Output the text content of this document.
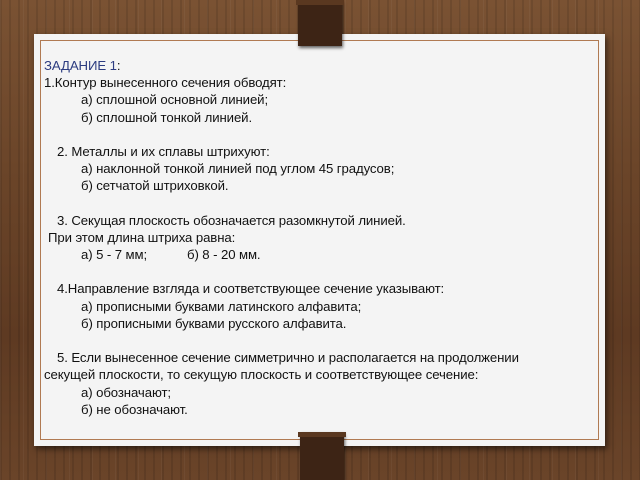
ЗАДАНИЕ 1:
1.Контур вынесенного сечения обводят:
а) сплошной основной линией;
б) сплошной тонкой линией.
2. Металлы и их сплавы штрихуют:
а) наклонной тонкой линией под углом 45 градусов;
б) сетчатой штриховкой.
3. Секущая плоскость обозначается разомкнутой линией.
При этом длина штриха равна:
а) 5 - 7 мм;	б) 8 - 20 мм.
4.Направление взгляда и соответствующее сечение указывают:
а) прописными буквами латинского алфавита;
б) прописными буквами русского алфавита.
5. Если вынесенное сечение симметрично и располагается на продолжении
секущей плоскости, то секущую плоскость и соответствующее сечение:
а) обозначают;
б) не обозначают.
